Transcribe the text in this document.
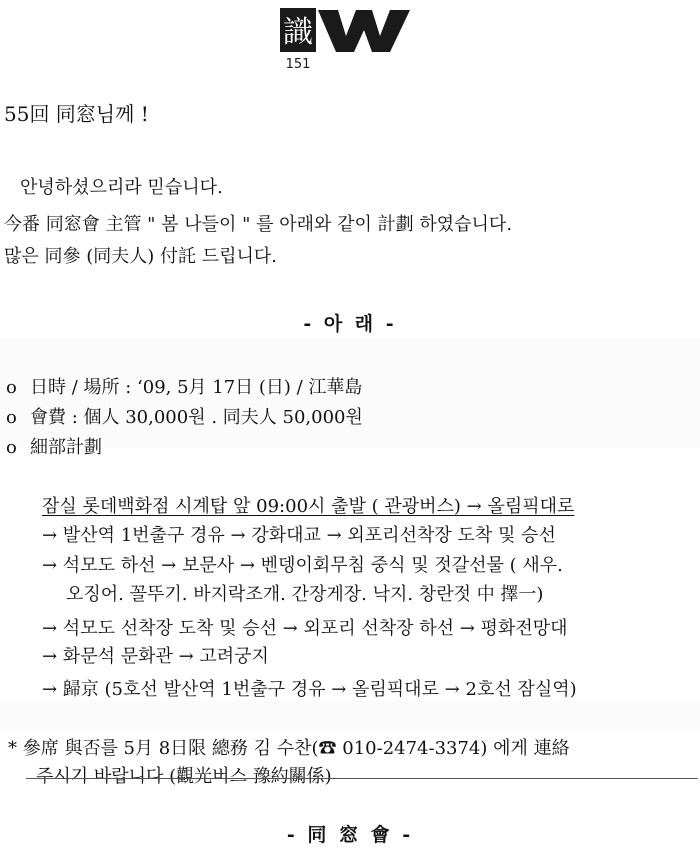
識
151
55回 同窓님께 !
안녕하셨으리라 믿습니다.
今番 同窓會 主管 " 봄 나들이 " 를 아래와 같이 計劃 하였습니다.
많은 同參 (同夫人) 付託 드립니다.
- 아 래 -
o 日時 / 場所 : ‘09, 5月 17日 (日) / 江華島
o 會費 : 個人 30,000원 . 同夫人 50,000원
o 細部計劃
잠실 롯데백화점 시계탑 앞 09:00시 출발 ( 관광버스) → 올림픽대로
→ 발산역 1번출구 경유 → 강화대교 → 외포리선착장 도착 및 승선
→ 석모도 하선 → 보문사 → 벤뎅이회무침 중식 및 젓갈선물 ( 새우.
오징어. 꼴뚜기. 바지락조개. 간장게장. 낙지. 창란젓 中 擇一)
→ 석모도 선착장 도착 및 승선 → 외포리 선착장 하선 → 평화전망대
→ 화문석 문화관 → 고려궁지
→ 歸京 (5호선 발산역 1번출구 경유 → 올림픽대로 → 2호선 잠실역)
* 參席 與否를 5月 8日限 總務 김 수찬(☎ 010-2474-3374) 에게 連絡
주시기 바랍니다 (觀光버스 豫約關係)
- 同 窓 會 -
